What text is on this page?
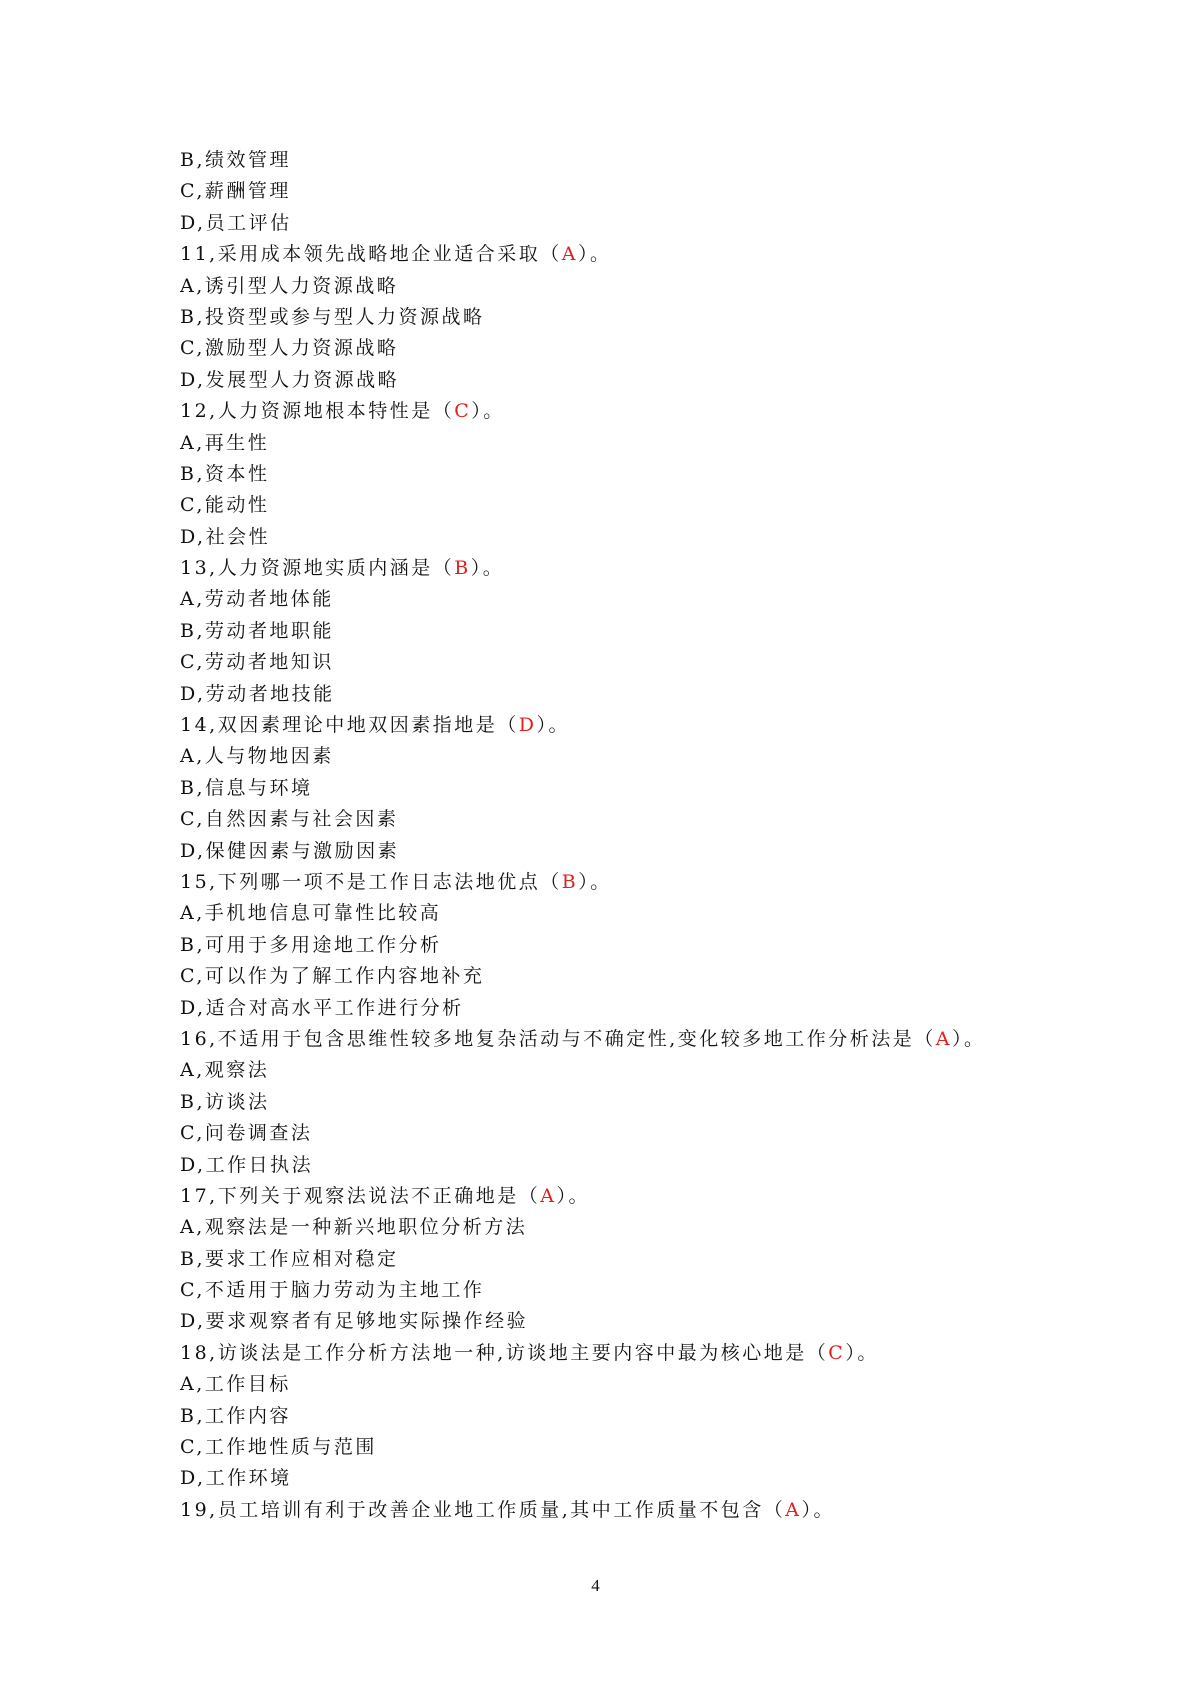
B,绩效管理
C,薪酬管理
D,员工评估
11,采用成本领先战略地企业适合采取（A）。
A,诱引型人力资源战略
B,投资型或参与型人力资源战略
C,激励型人力资源战略
D,发展型人力资源战略
12,人力资源地根本特性是（C）。
A,再生性
B,资本性
C,能动性
D,社会性
13,人力资源地实质内涵是（B）。
A,劳动者地体能
B,劳动者地职能
C,劳动者地知识
D,劳动者地技能
14,双因素理论中地双因素指地是（D）。
A,人与物地因素
B,信息与环境
C,自然因素与社会因素
D,保健因素与激励因素
15,下列哪一项不是工作日志法地优点（B）。
A,手机地信息可靠性比较高
B,可用于多用途地工作分析
C,可以作为了解工作内容地补充
D,适合对高水平工作进行分析
16,不适用于包含思维性较多地复杂活动与不确定性,变化较多地工作分析法是（A）。
A,观察法
B,访谈法
C,问卷调查法
D,工作日执法
17,下列关于观察法说法不正确地是（A）。
A,观察法是一种新兴地职位分析方法
B,要求工作应相对稳定
C,不适用于脑力劳动为主地工作
D,要求观察者有足够地实际操作经验
18,访谈法是工作分析方法地一种,访谈地主要内容中最为核心地是（C）。
A,工作目标
B,工作内容
C,工作地性质与范围
D,工作环境
19,员工培训有利于改善企业地工作质量,其中工作质量不包含（A）。
4
